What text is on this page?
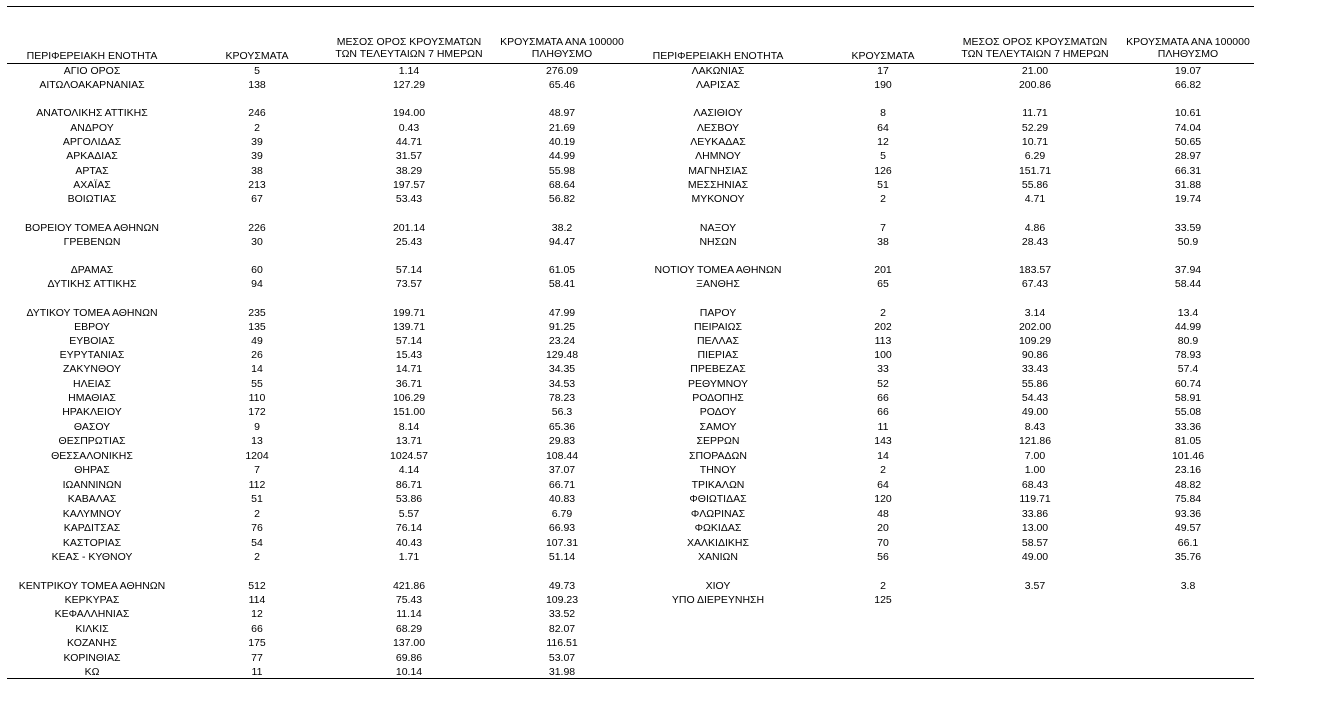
ΠΕΡΙΦΕΡΕΙΑΚΗ ΕΝΟΤΗΤΑ	ΚΡΟΥΣΜΑΤΑ
ΜΕΣΟΣ ΟΡΟΣ ΚΡΟΥΣΜΑΤΩΝ
ΤΩΝ ΤΕΛΕΥΤΑΙΩΝ 7 ΗΜΕΡΩΝ
ΚΡΟΥΣΜΑΤΑ ΑΝΑ 100000
ΠΛΗΘΥΣΜΟ
ΑΓΙΟ ΟΡΟΣ	5	1.14	276.09
ΑΙΤΩΛΟΑΚΑΡΝΑΝΙΑΣ	138	127.29	65.46
ΑΝΑΤΟΛΙΚΗΣ ΑΤΤΙΚΗΣ	246	194.00	48.97
ΑΝΔΡΟΥ	2	0.43	21.69
ΑΡΓΟΛΙΔΑΣ	39	44.71	40.19
ΑΡΚΑΔΙΑΣ	39	31.57	44.99
ΑΡΤΑΣ	38	38.29	55.98
ΑΧΑΪΑΣ	213	197.57	68.64
ΒΟΙΩΤΙΑΣ	67	53.43	56.82
ΒΟΡΕΙΟΥ ΤΟΜΕΑ ΑΘΗΝΩΝ	226	201.14	38.2
ΓΡΕΒΕΝΩΝ	30	25.43	94.47
ΔΡΑΜΑΣ	60	57.14	61.05
ΔΥΤΙΚΗΣ ΑΤΤΙΚΗΣ	94	73.57	58.41
ΔΥΤΙΚΟΥ ΤΟΜΕΑ ΑΘΗΝΩΝ	235	199.71	47.99
ΕΒΡΟΥ	135	139.71	91.25
ΕΥΒΟΙΑΣ	49	57.14	23.24
ΕΥΡΥΤΑΝΙΑΣ	26	15.43	129.48
ΖΑΚΥΝΘΟΥ	14	14.71	34.35
ΗΛΕΙΑΣ	55	36.71	34.53
ΗΜΑΘΙΑΣ	110	106.29	78.23
ΗΡΑΚΛΕΙΟΥ	172	151.00	56.3
ΘΑΣΟΥ	9	8.14	65.36
ΘΕΣΠΡΩΤΙΑΣ	13	13.71	29.83
ΘΕΣΣΑΛΟΝΙΚΗΣ	1204	1024.57	108.44
ΘΗΡΑΣ	7	4.14	37.07
ΙΩΑΝΝΙΝΩΝ	112	86.71	66.71
ΚΑΒΑΛΑΣ	51	53.86	40.83
ΚΑΛΥΜΝΟΥ	2	5.57	6.79
ΚΑΡΔΙΤΣΑΣ	76	76.14	66.93
ΚΑΣΤΟΡΙΑΣ	54	40.43	107.31
ΚΕΑΣ - ΚΥΘΝΟΥ	2	1.71	51.14
ΚΕΝΤΡΙΚΟΥ ΤΟΜΕΑ ΑΘΗΝΩΝ	512	421.86	49.73
ΚΕΡΚΥΡΑΣ	114	75.43	109.23
ΚΕΦΑΛΛΗΝΙΑΣ	12	11.14	33.52
ΚΙΛΚΙΣ	66	68.29	82.07
ΚΟΖΑΝΗΣ	175	137.00	116.51
ΚΟΡΙΝΘΙΑΣ	77	69.86	53.07
ΚΩ	11	10.14	31.98
ΠΕΡΙΦΕΡΕΙΑΚΗ ΕΝΟΤΗΤΑ	ΚΡΟΥΣΜΑΤΑ
ΜΕΣΟΣ ΟΡΟΣ ΚΡΟΥΣΜΑΤΩΝ
ΤΩΝ ΤΕΛΕΥΤΑΙΩΝ 7 ΗΜΕΡΩΝ
ΚΡΟΥΣΜΑΤΑ ΑΝΑ 100000
ΠΛΗΘΥΣΜΟ
ΛΑΚΩΝΙΑΣ	17	21.00	19.07
ΛΑΡΙΣΑΣ	190	200.86	66.82
ΛΑΣΙΘΙΟΥ	8	11.71	10.61
ΛΕΣΒΟΥ	64	52.29	74.04
ΛΕΥΚΑΔΑΣ	12	10.71	50.65
ΛΗΜΝΟΥ	5	6.29	28.97
ΜΑΓΝΗΣΙΑΣ	126	151.71	66.31
ΜΕΣΣΗΝΙΑΣ	51	55.86	31.88
ΜΥΚΟΝΟΥ	2	4.71	19.74
ΝΑΞΟΥ	7	4.86	33.59
ΝΗΣΩΝ	38	28.43	50.9
ΝΟΤΙΟΥ ΤΟΜΕΑ ΑΘΗΝΩΝ	201	183.57	37.94
ΞΑΝΘΗΣ	65	67.43	58.44
ΠΑΡΟΥ	2	3.14	13.4
ΠΕΙΡΑΙΩΣ	202	202.00	44.99
ΠΕΛΛΑΣ	113	109.29	80.9
ΠΙΕΡΙΑΣ	100	90.86	78.93
ΠΡΕΒΕΖΑΣ	33	33.43	57.4
ΡΕΘΥΜΝΟΥ	52	55.86	60.74
ΡΟΔΟΠΗΣ	66	54.43	58.91
ΡΟΔΟΥ	66	49.00	55.08
ΣΑΜΟΥ	11	8.43	33.36
ΣΕΡΡΩΝ	143	121.86	81.05
ΣΠΟΡΑΔΩΝ	14	7.00	101.46
ΤΗΝΟΥ	2	1.00	23.16
ΤΡΙΚΑΛΩΝ	64	68.43	48.82
ΦΘΙΩΤΙΔΑΣ	120	119.71	75.84
ΦΛΩΡΙΝΑΣ	48	33.86	93.36
ΦΩΚΙΔΑΣ	20	13.00	49.57
ΧΑΛΚΙΔΙΚΗΣ	70	58.57	66.1
ΧΑΝΙΩΝ	56	49.00	35.76
ΧΙΟΥ	2	3.57	3.8
ΥΠΟ ΔΙΕΡΕΥΝΗΣΗ	125
